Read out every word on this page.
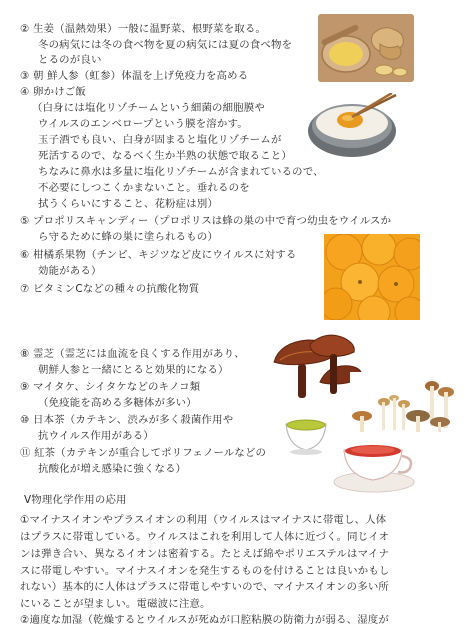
② 生姜（温熱効果）一般に温野菜、根野菜を取る。
冬の病気には冬の食べ物を夏の病気には夏の食べ物を
とるのが良い
③ 朝 鮮人参（虹参）体温を上げ免疫力を高める
④ 卵かけご飯
（白身には塩化リゾチームという細菌の細胞膜や
ウイルスのエンベロープという膜を溶かす。
玉子酒でも良い、白身が固まると塩化リゾチームが
死活するので、なるべく生か半熟の状態で取ること）
ちなみに鼻水は多量に塩化リゾチームが含まれているので、
不必要にしつこくかまないこと。垂れるのを
拭うくらいにすること、花粉症は別）
⑤ プロポリスキャンディー（プロポリスは蜂の巣の中で育つ幼虫をウイルスか
ら守るために蜂の巣に塗られるもの）
⑥ 柑橘系果物（チンピ、キジツなど皮にウイルスに対する
効能がある）
⑦ ビタミンCなどの種々の抗酸化物質
⑧ 霊芝（霊芝には血流を良くする作用があり、
朝鮮人参と一緒にとると効果的になる）
⑨ マイタケ、シイタケなどのキノコ類
（免疫能を高める多糖体が多い）
⑩ 日本茶（カテキン、渋みが多く殺菌作用や
抗ウイルス作用がある）
⑪ 紅茶（カテキンが重合してポリフェノールなどの
抗酸化が増え感染に強くなる）
Ⅴ物理化学作用の応用
①マイナスイオンやプラスイオンの利用（ウイルスはマイナスに帯電し、人体
はプラスに帯電している。ウイルスはこれを利用して人体に近づく。同じイオ
ンは弾き合い、異なるイオンは密着する。たとえば綿やポリエステルはマイナ
スに帯電しやすい。マイナスイオンを発生するものを付けることは良いかもし
れない）基本的に人体はプラスに帯電しやすいので、マイナスイオンの多い所
にいることが望ましい。電磁波に注意。
②適度な加湿（乾燥するとウイルスが死ぬが口腔粘膜の防衛力が弱る、湿度が
